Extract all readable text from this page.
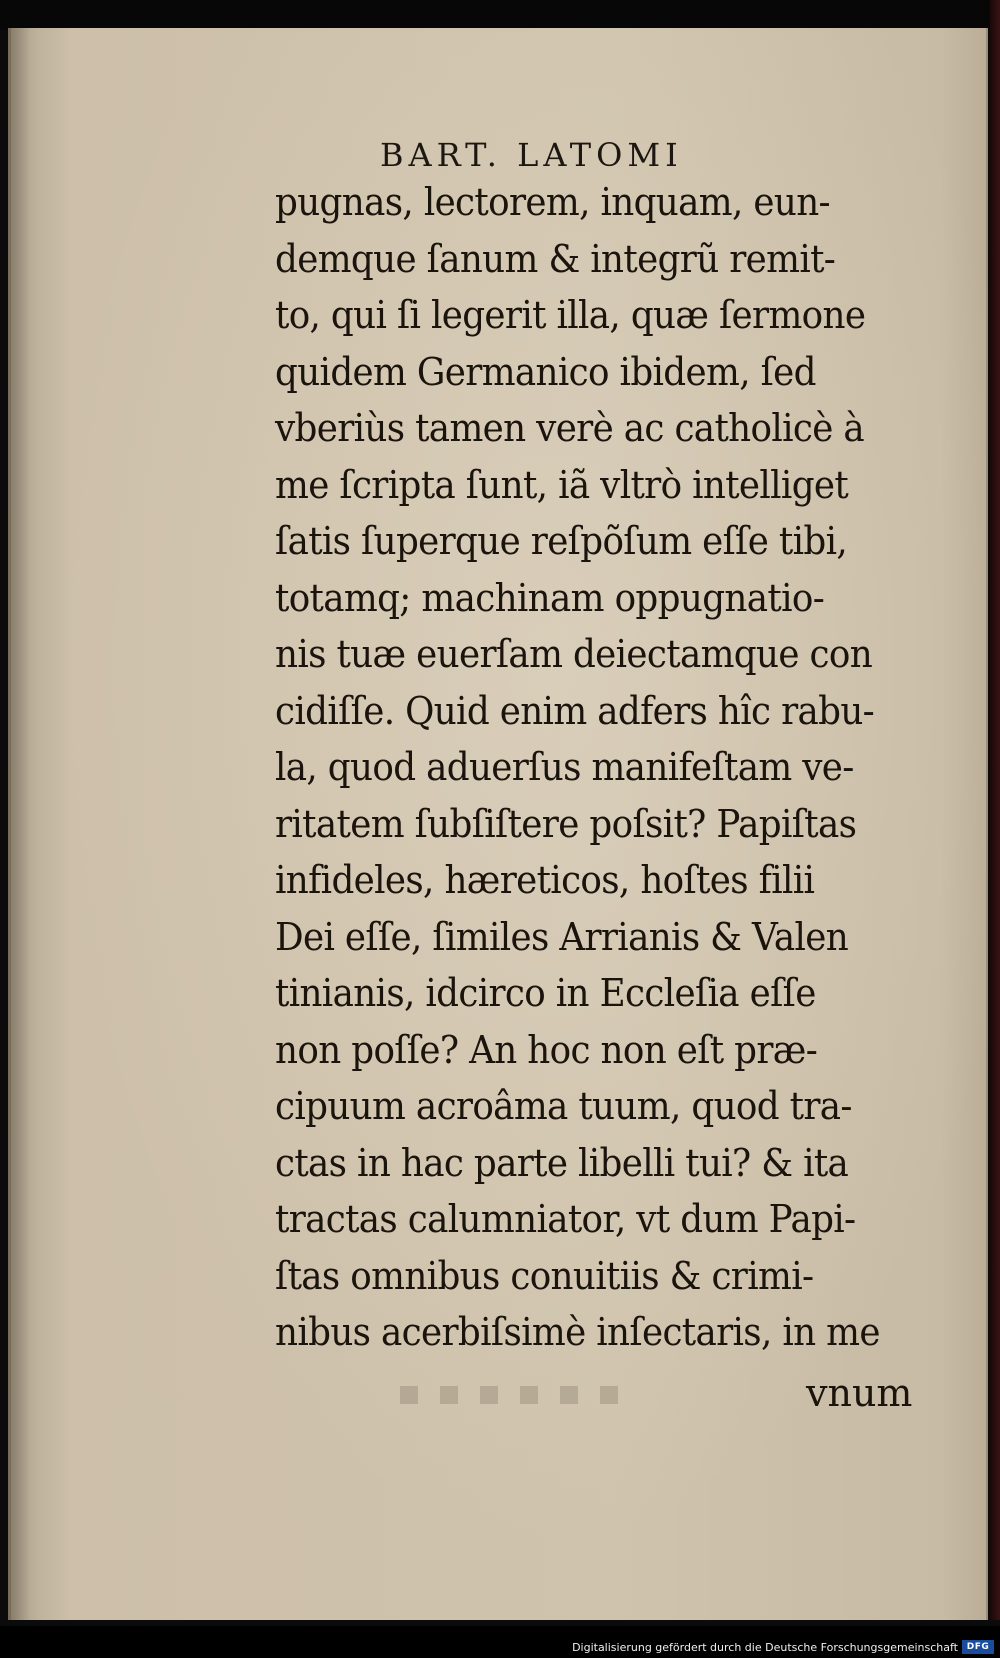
BART. LATOMI
pugnas, lectorem, inquam, eun-
demque ſanum & integrũ remit-
to, qui ſi legerit illa, quæ ſermone
quidem Germanico ibidem, ſed
vberiùs tamen verè ac catholicè à
me ſcripta ſunt, iã vltrò intelliget
ſatis ſuperque reſpõſum eſſe tibi,
totamq; machinam oppugnatio-
nis tuæ euerſam deiectamque con
cidiſſe. Quid enim adfers hîc rabu-
la, quod aduerſus manifeſtam ve-
ritatem ſubſiſtere poſsit? Papiſtas
infideles, hæreticos, hoſtes filii
Dei eſſe, ſimiles Arrianis & Valen
tinianis, idcirco in Eccleſia eſſe
non poſſe? An hoc non eſt præ-
cipuum acroâma tuum, quod tra-
ctas in hac parte libelli tui? & ita
tractas calumniator, vt dum Papi-
ſtas omnibus conuitiis & crimi-
nibus acerbiſsimè inſectaris, in me
vnum
Digitalisierung gefördert durch die Deutsche Forschungsgemeinschaft DFG
